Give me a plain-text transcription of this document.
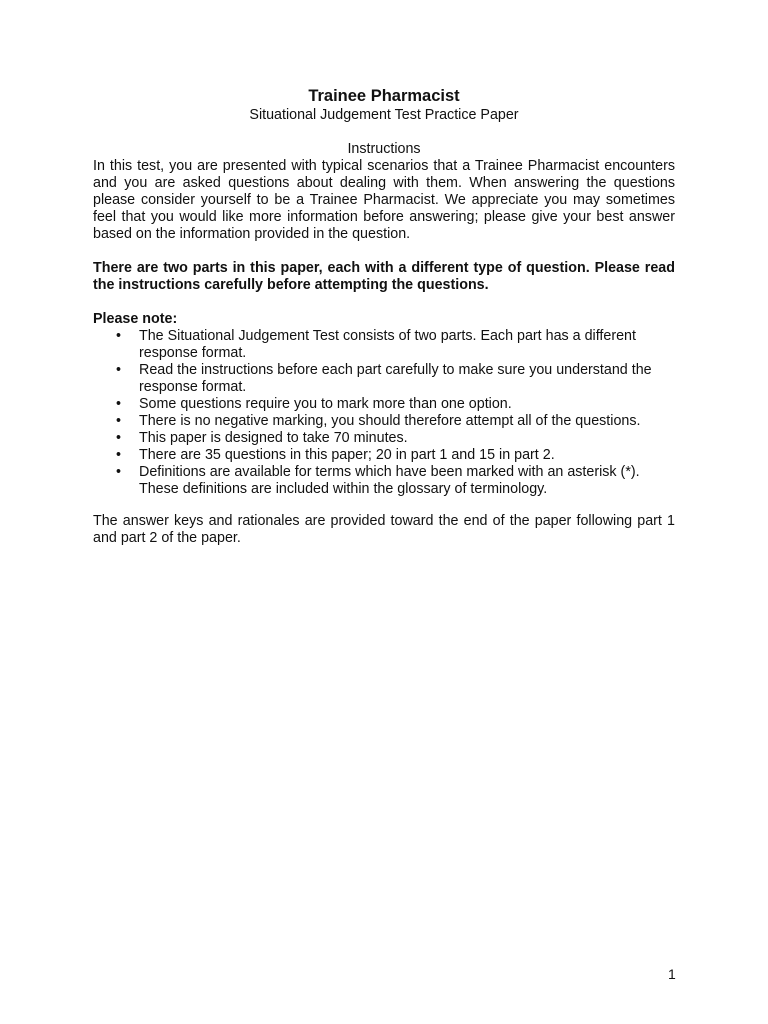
Trainee Pharmacist
Situational Judgement Test Practice Paper
Instructions

In this test, you are presented with typical scenarios that a Trainee Pharmacist encounters and you are asked questions about dealing with them. When answering the questions please consider yourself to be a Trainee Pharmacist. We appreciate you may sometimes feel that you would like more information before answering; please give your best answer based on the information provided in the question.

There are two parts in this paper, each with a different type of question. Please read the instructions carefully before attempting the questions.

Please note:
• The Situational Judgement Test consists of two parts. Each part has a different response format.
• Read the instructions before each part carefully to make sure you understand the response format.
• Some questions require you to mark more than one option.
• There is no negative marking, you should therefore attempt all of the questions.
• This paper is designed to take 70 minutes.
• There are 35 questions in this paper; 20 in part 1 and 15 in part 2.
• Definitions are available for terms which have been marked with an asterisk (*). These definitions are included within the glossary of terminology.

The answer keys and rationales are provided toward the end of the paper following part 1 and part 2 of the paper.

1
